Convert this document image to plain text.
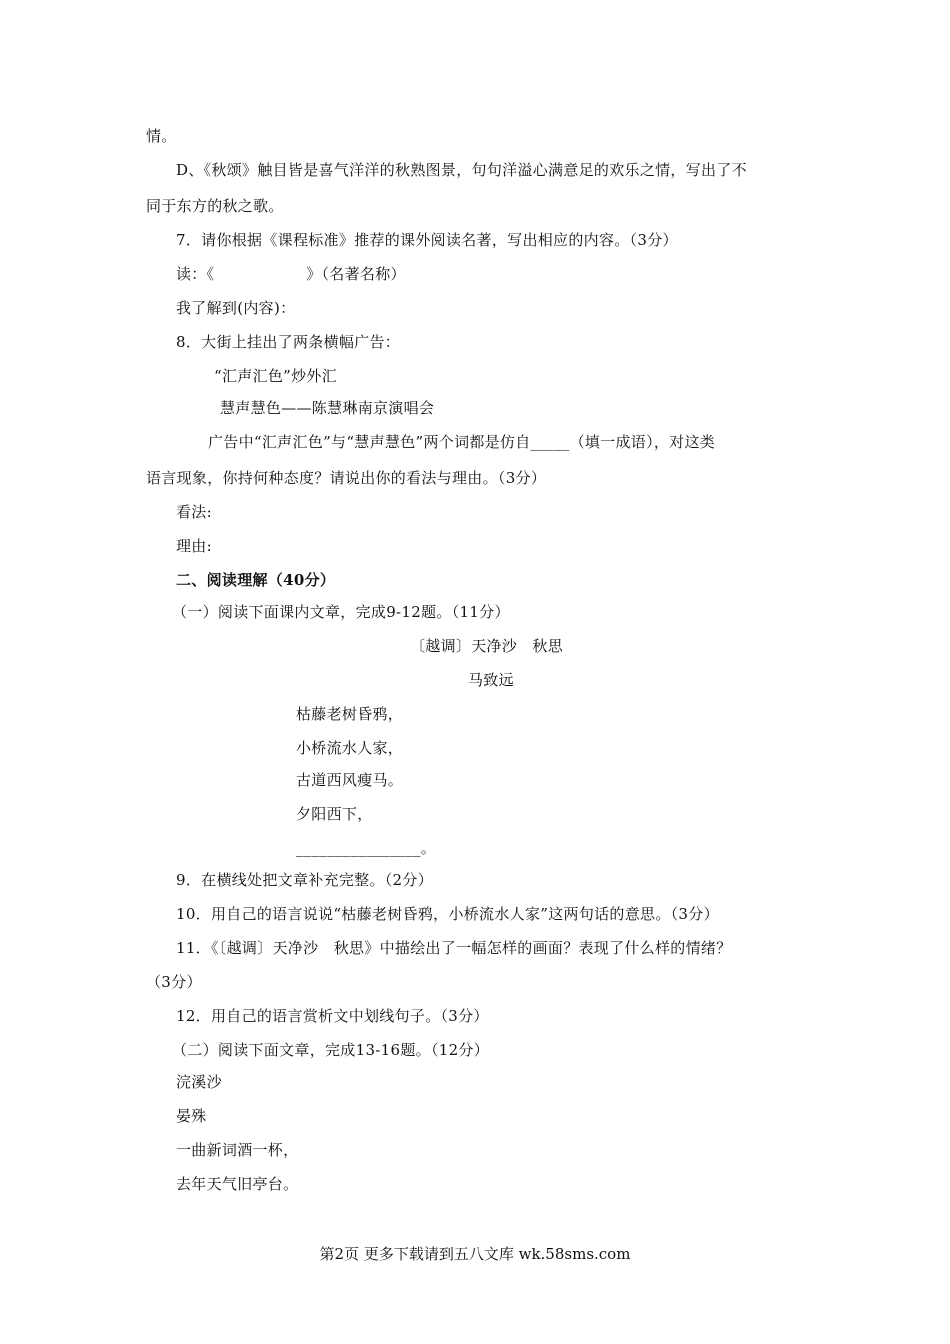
情。
D、《秋颂》触目皆是喜气洋洋的秋熟图景，句句洋溢心满意足的欢乐之情，写出了不
同于东方的秋之歌。
7．请你根据《课程标准》推荐的课外阅读名著，写出相应的内容。（3分）
读：《　　　　　　》（名著名称）
我了解到(内容)：
8．大街上挂出了两条横幅广告：
“汇声汇色”炒外汇
慧声慧色——陈慧琳南京演唱会
广告中“汇声汇色”与“慧声慧色”两个词都是仿自_____（填一成语），对这类
语言现象，你持何种态度？请说出你的看法与理由。（3分）
看法:
理由:
二、阅读理解（40分）
（一）阅读下面课内文章，完成9-12题。（11分）
〔越调〕天净沙　秋思
马致远
枯藤老树昏鸦，
小桥流水人家，
古道西风瘦马。
夕阳西下，
________________。
9．在横线处把文章补充完整。（2分）
10．用自己的语言说说“枯藤老树昏鸦，小桥流水人家”这两句话的意思。（3分）
11．《〔越调〕天净沙　秋思》中描绘出了一幅怎样的画面？表现了什么样的情绪？
（3分）
12．用自己的语言赏析文中划线句子。（3分）
（二）阅读下面文章，完成13-16题。（12分）
浣溪沙
晏殊
一曲新词酒一杯，
去年天气旧亭台。
第2页 更多下载请到五八文库 wk.58sms.com
